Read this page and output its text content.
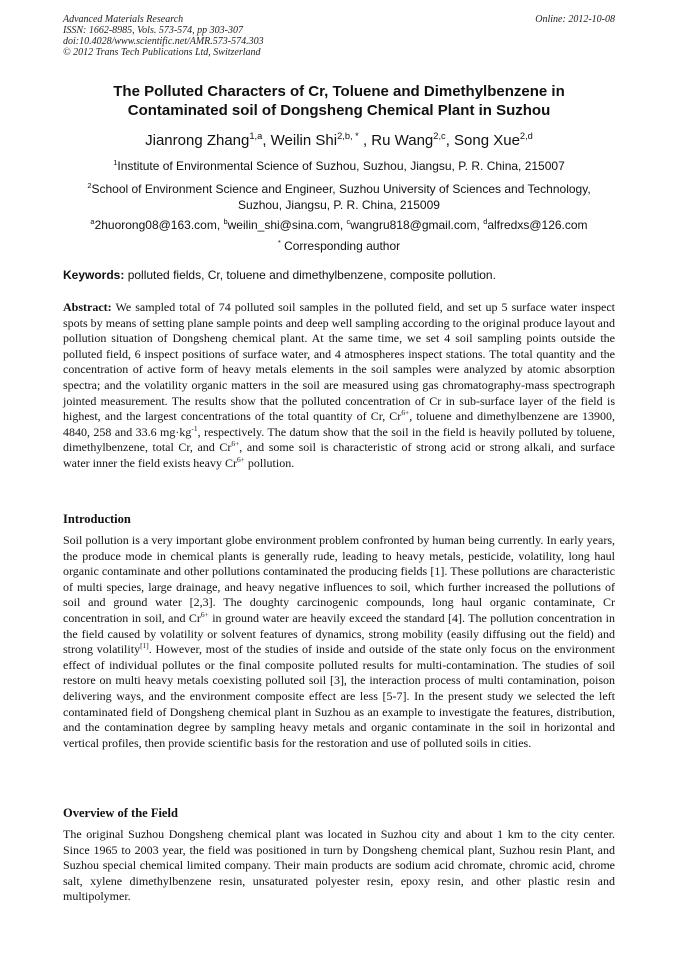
Advanced Materials Research
ISSN: 1662-8985, Vols. 573-574, pp 303-307
doi:10.4028/www.scientific.net/AMR.573-574.303
© 2012 Trans Tech Publications Ltd, Switzerland
Online: 2012-10-08
The Polluted Characters of Cr, Toluene and Dimethylbenzene in
Contaminated soil of Dongsheng Chemical Plant in Suzhou
Jianrong Zhang$^{1,a}$, Weilin Shi$^{2,b, *}$ , Ru Wang$^{2,c}$, Song Xue$^{2,d}$
$^1$Institute of Environmental Science of Suzhou, Suzhou, Jiangsu, P. R. China, 215007
$^2$School of Environment Science and Engineer, Suzhou University of Sciences and Technology,
Suzhou, Jiangsu, P. R. China, 215009
$^a$2huorong08@163.com, $^b$weilin_shi@sina.com, $^c$wangru818@gmail.com, $^d$alfredxs@126.com
* Corresponding author
Keywords: polluted fields, Cr, toluene and dimethylbenzene, composite pollution.
Abstract: We sampled total of 74 polluted soil samples in the polluted field, and set up 5 surface water inspect spots by means of setting plane sample points and deep well sampling according to the original produce layout and pollution situation of Dongsheng chemical plant. At the same time, we set 4 soil sampling points outside the polluted field, 6 inspect positions of surface water, and 4 atmospheres inspect stations. The total quantity and the concentration of active form of heavy metals elements in the soil samples were analyzed by atomic absorption spectra; and the volatility organic matters in the soil are measured using gas chromatography-mass spectrograph jointed measurement. The results show that the polluted concentration of Cr in sub-surface layer of the field is highest, and the largest concentrations of the total quantity of Cr, $Cr^{6+}$, toluene and dimethylbenzene are 13900, 4840, 258 and 33.6 $mg\cdot kg^{-1}$, respectively. The datum show that the soil in the field is heavily polluted by toluene, dimethylbenzene, total Cr, and $Cr^{6+}$, and some soil is characteristic of strong acid or strong alkali, and surface water inner the field exists heavy $Cr^{6+}$ pollution.
Introduction
Soil pollution is a very important globe environment problem confronted by human being currently. In early years, the produce mode in chemical plants is generally rude, leading to heavy metals, pesticide, volatility, long haul organic contaminate and other pollutions contaminated the producing fields [1]. These pollutions are characteristic of multi species, large drainage, and heavy negative influences to soil, which further increased the pollutions of soil and ground water [2,3]. The doughty carcinogenic compounds, long haul organic contaminate, Cr concentration in soil, and $Cr^{6+}$ in ground water are heavily exceed the standard [4]. The pollution concentration in the field caused by volatility or solvent features of dynamics, strong mobility (easily diffusing out the field) and strong volatility[1]. However, most of the studies of inside and outside of the state only focus on the environment effect of individual pollutes or the final composite polluted results for multi-contamination. The studies of soil restore on multi heavy metals coexisting polluted soil [3], the interaction process of multi contamination, poison delivering ways, and the environment composite effect are less [5-7]. In the present study we selected the left contaminated field of Dongsheng chemical plant in Suzhou as an example to investigate the features, distribution, and the contamination degree by sampling heavy metals and organic contaminate in the soil in horizontal and vertical profiles, then provide scientific basis for the restoration and use of polluted soils in cities.
Overview of the Field
The original Suzhou Dongsheng chemical plant was located in Suzhou city and about 1 km to the city center. Since 1965 to 2003 year, the field was positioned in turn by Dongsheng chemical plant, Suzhou resin Plant, and Suzhou special chemical limited company. Their main products are sodium acid chromate, chromic acid, chrome salt, xylene dimethylbenzene resin, unsaturated polyester resin, epoxy resin, and other plastic resin and multipolymer.
